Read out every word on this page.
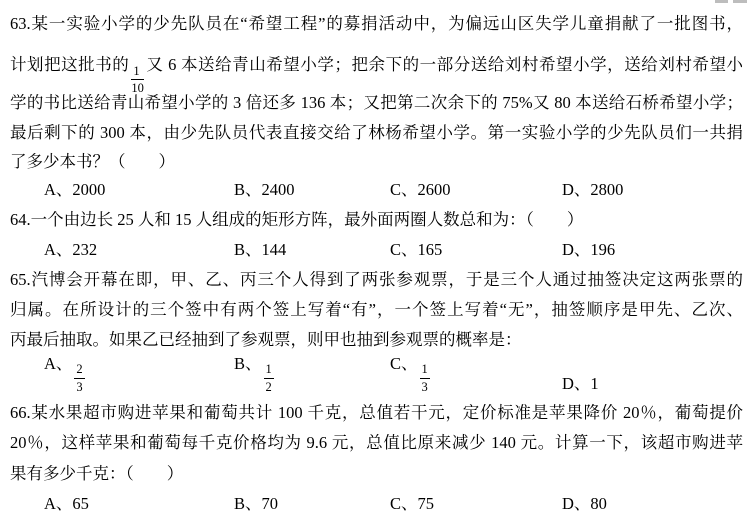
63.某一实验小学的少先队员在“希望工程”的募捐活动中，为偏远山区失学儿童捐献了一批图书，
计划把这批书的 $\frac{1}{10}$ 又 6 本送给青山希望小学；把余下的一部分送给刘村希望小学，送给刘村希望小
学的书比送给青山希望小学的 3 倍还多 136 本；又把第二次余下的 75%又 80 本送给石桥希望小学；
最后剩下的 300 本，由少先队员代表直接交给了林杨希望小学。第一实验小学的少先队员们一共捐
了多少本书？（　　）
A、2000	B、2400	C、2600	D、2800
64.一个由边长 25 人和 15 人组成的矩形方阵，最外面两圈人数总和为：（　　）
A、232	B、144	C、165	D、196
65.汽博会开幕在即，甲、乙、丙三个人得到了两张参观票，于是三个人通过抽签决定这两张票的
归属。在所设计的三个签中有两个签上写着“有”，一个签上写着“无”，抽签顺序是甲先、乙次、
丙最后抽取。如果乙已经抽到了参观票，则甲也抽到参观票的概率是：
A、 $\frac{2}{3}$	B、 $\frac{1}{2}$	C、 $\frac{1}{3}$	D、1
66.某水果超市购进苹果和葡萄共计 100 千克，总值若干元，定价标准是苹果降价 20％，葡萄提价
20％，这样苹果和葡萄每千克价格均为 9.6 元，总值比原来减少 140 元。计算一下，该超市购进苹
果有多少千克：（　　）
A、65	B、70	C、75	D、80
